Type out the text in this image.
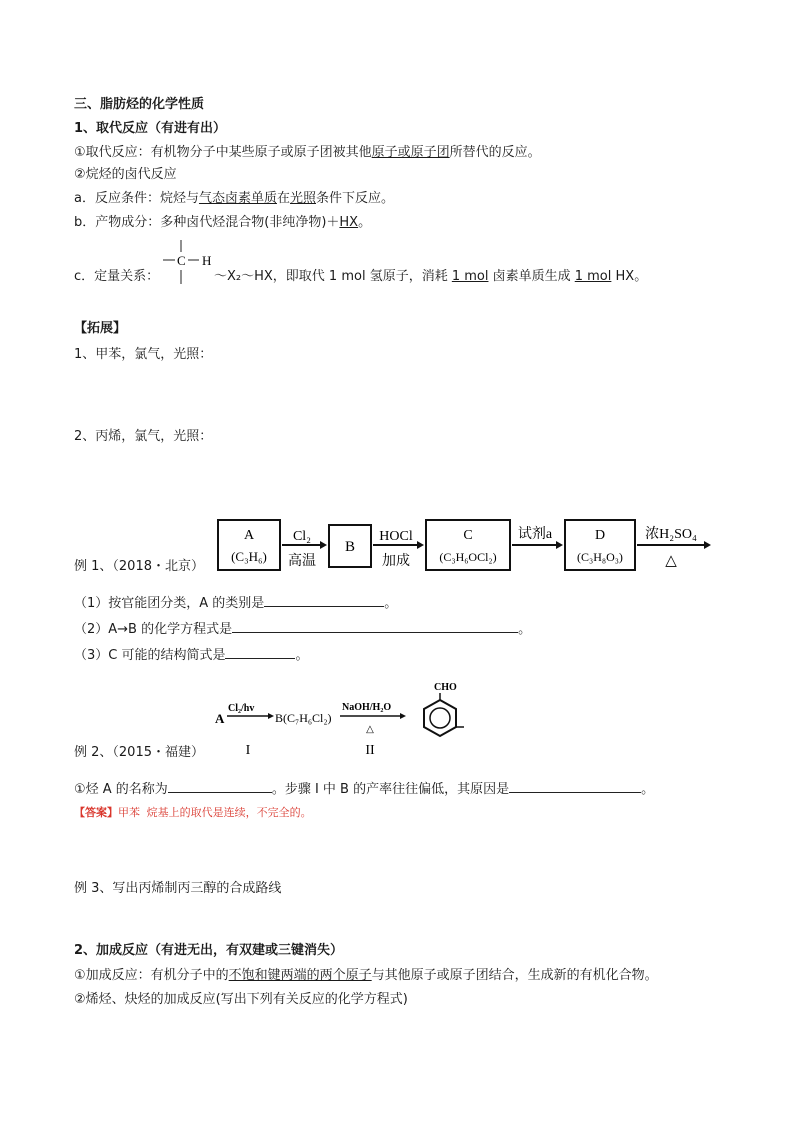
三、脂肪烃的化学性质
1、取代反应（有进有出）
①取代反应：有机物分子中某些原子或原子团被其他原子或原子团所替代的反应。
②烷烃的卤代反应
a．反应条件：烷烃与气态卤素单质在光照条件下反应。
b．产物成分：多种卤代烃混合物(非纯净物)＋HX。
c．定量关系：
C H
～X₂～HX，即取代 1 mol 氢原子，消耗 1 mol 卤素单质生成 1 mol HX。
【拓展】
1、甲苯，氯气，光照：
2、丙烯，氯气，光照：
A
(C₃H₆)
Cl₂
高温
B
HOCl
加成
C
(C₃H₆OCl₂)
试剂a	D
(C₃H₈O₃)
浓H₂SO₄
△
例 1、（2018・北京）
（1）按官能团分类，A 的类别是	。
（2）A→B 的化学方程式是	。
（3）C 可能的结构简式是	。
A
Cl₂/hv
I
B(C₇H₆Cl₂)
NaOH/H₂O
△
II
CHO
例 2、（2015・福建）
①烃 A 的名称为	。步骤 I 中 B 的产率往往偏低，其原因是	。
【答案】甲苯 烷基上的取代是连续，不完全的。
例 3、写出丙烯制丙三醇的合成路线
2、加成反应（有进无出，有双建或三键消失）
①加成反应：有机分子中的不饱和键两端的两个原子与其他原子或原子团结合，生成新的有机化合物。
②烯烃、炔烃的加成反应(写出下列有关反应的化学方程式)
